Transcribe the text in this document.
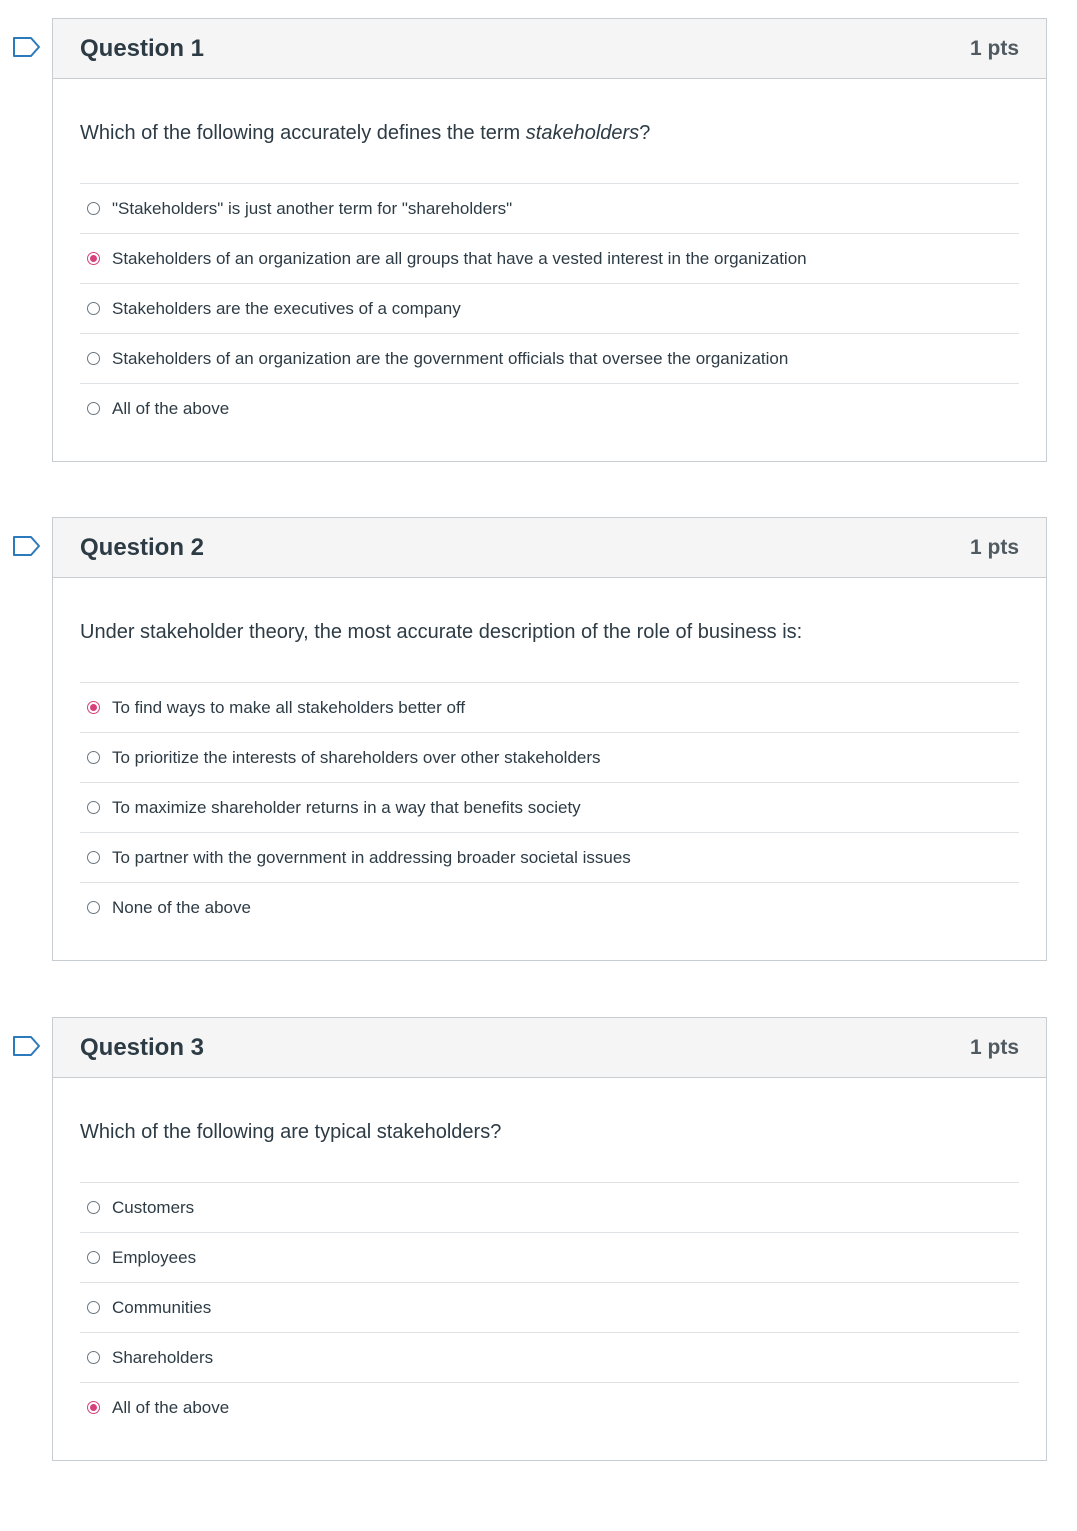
Question 1	1 pts

Which of the following accurately defines the term stakeholders?

"Stakeholders" is just another term for "shareholders"
Stakeholders of an organization are all groups that have a vested interest in the organization
Stakeholders are the executives of a company
Stakeholders of an organization are the government officials that oversee the organization
All of the above
Question 2	1 pts

Under stakeholder theory, the most accurate description of the role of business is:

To find ways to make all stakeholders better off
To prioritize the interests of shareholders over other stakeholders
To maximize shareholder returns in a way that benefits society
To partner with the government in addressing broader societal issues
None of the above
Question 3	1 pts

Which of the following are typical stakeholders?

Customers
Employees
Communities
Shareholders
All of the above
